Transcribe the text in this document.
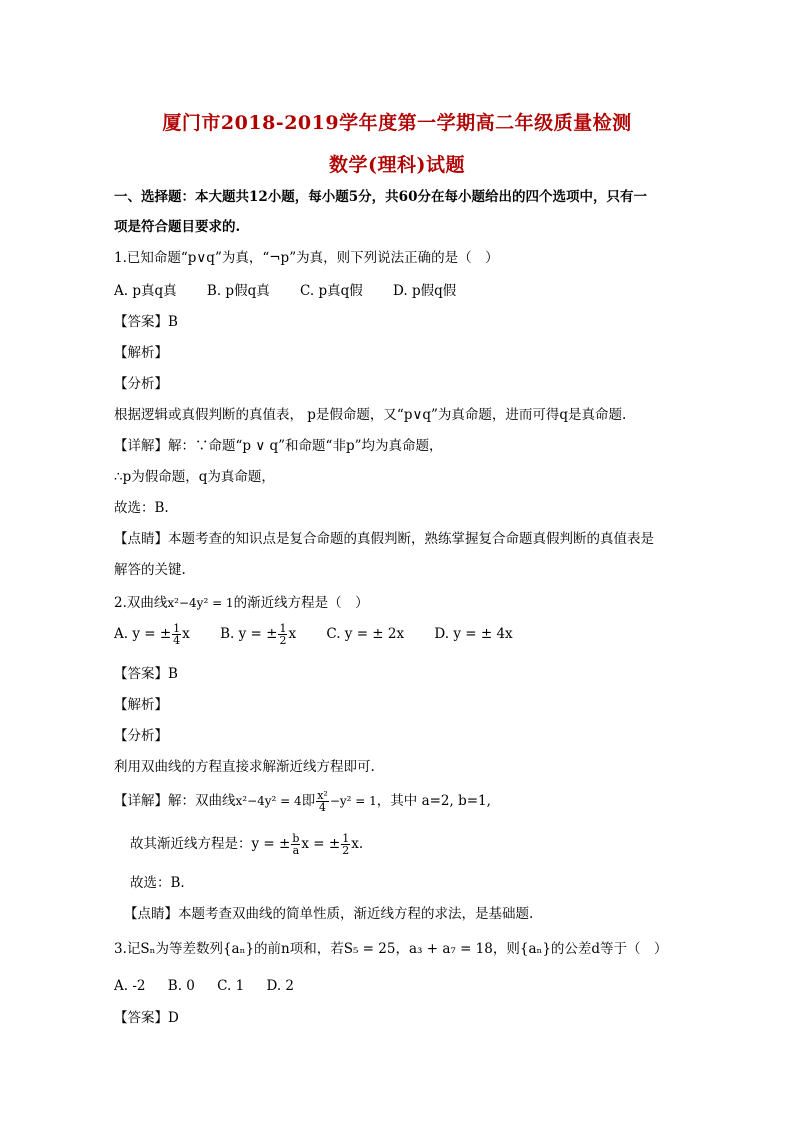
厦门市2018-2019学年度第一学期高二年级质量检测
数学(理科)试题
一、选择题：本大题共12小题，每小题5分，共60分在每小题给出的四个选项中，只有一
项是符合题目要求的.
1.已知命题“p∨q”为真，“¬p”为真，则下列说法正确的是（　）
A. p真q真 B. p假q真 C. p真q假 D. p假q假
【答案】B
【解析】
【分析】
根据逻辑或真假判断的真值表， p是假命题，又“p∨q”为真命题，进而可得q是真命题.
【详解】解：∵命题“p ∨ q”和命题“非p”均为真命题，
∴p为假命题，q为真命题，
故选：B.
【点睛】本题考查的知识点是复合命题的真假判断，熟练掌握复合命题真假判断的真值表是
解答的关键.
2.双曲线x²−4y² = 1的渐近线方程是（　）
A. y = ± $\frac{1}{4}$ x B. y = ± $\frac{1}{2}$ x C. y = ± 2x D. y = ± 4x
【答案】B
【解析】
【分析】
利用双曲线的方程直接求解渐近线方程即可.
【详解】解：双曲线x²−4y² = 4即 $\frac{\text{x²}}{4} -y^2 = 1$，其中 a=2, b=1,
故其渐近线方程是：y = ± $\frac{b}{a}$ x = ± $\frac{1}{2} x$.
故选：B.
【点睛】本题考查双曲线的简单性质，渐近线方程的求法，是基础题.
3.记Sₙ为等差数列{aₙ}的前n项和，若S₅ = 25，a₃ + a₇ = 18，则{aₙ}的公差d等于（　）
A. -2 B. 0 C. 1 D. 2
【答案】D
